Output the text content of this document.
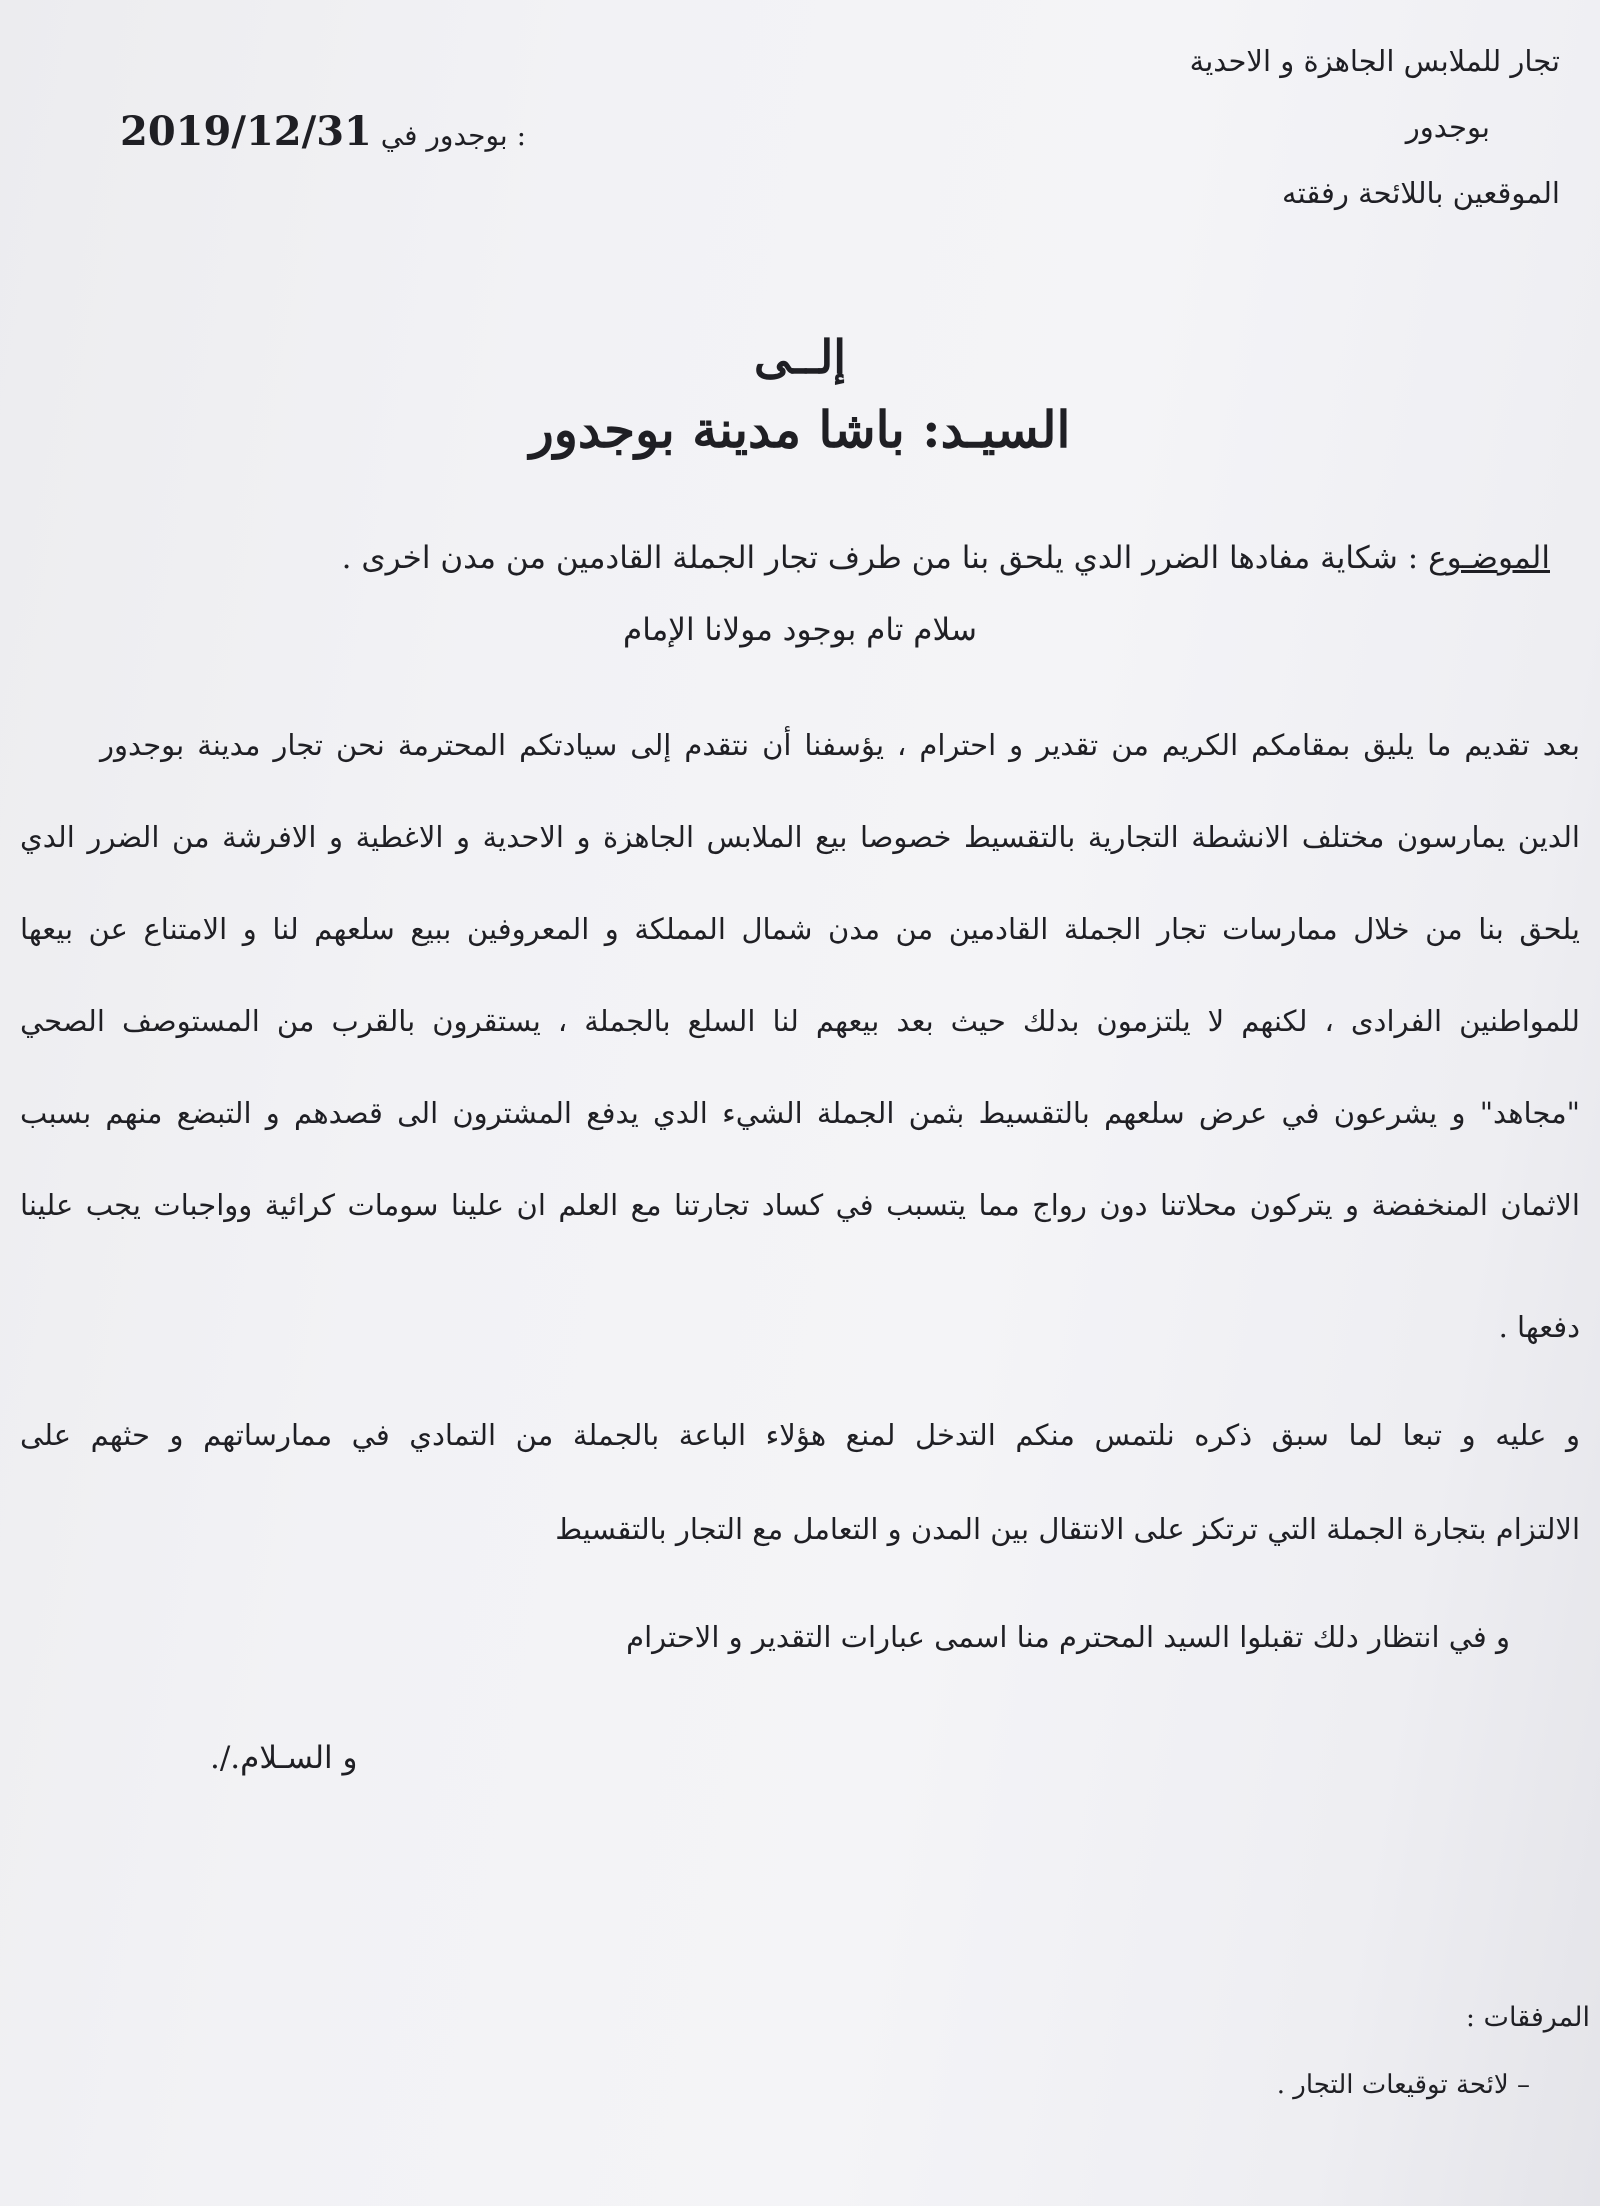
تجار للملابس الجاهزة و الاحدية
بوجدور
الموقعين باللائحة رفقته
2019/12/31 بوجدور في :
إلــى
السيـد: باشا مدينة بوجدور
الموضـوع : شكاية مفادها الضرر الدي يلحق بنا من طرف تجار الجملة القادمين من مدن اخرى .
سلام تام بوجود مولانا الإمام
بعد تقديم ما يليق بمقامكم الكريم من تقدير و احترام ، يؤسفنا أن نتقدم إلى سيادتكم المحترمة نحن تجار مدينة بوجدور
الدين يمارسون مختلف الانشطة التجارية بالتقسيط خصوصا بيع الملابس الجاهزة و الاحدية و الاغطية و الافرشة من الضرر الدي
يلحق بنا من خلال ممارسات تجار الجملة القادمين من مدن شمال المملكة و المعروفين ببيع سلعهم لنا و الامتناع عن بيعها
للمواطنين الفرادى ، لكنهم لا يلتزمون بدلك حيث بعد بيعهم لنا السلع بالجملة ، يستقرون بالقرب من المستوصف الصحي
"مجاهد" و يشرعون في عرض سلعهم بالتقسيط بثمن الجملة الشيء الدي يدفع المشترون الى قصدهم و التبضع منهم بسبب
الاثمان المنخفضة و يتركون محلاتنا دون رواج مما يتسبب في كساد تجارتنا مع العلم ان علينا سومات كرائية وواجبات يجب علينا
دفعها .
و عليه و تبعا لما سبق ذكره نلتمس منكم التدخل لمنع هؤلاء الباعة بالجملة من التمادي في ممارساتهم و حثهم على
الالتزام بتجارة الجملة التي ترتكز على الانتقال بين المدن و التعامل مع التجار بالتقسيط
و في انتظار دلك تقبلوا السيد المحترم منا اسمى عبارات التقدير و الاحترام
و السـلام./.
المرفقات :
– لائحة توقيعات التجار .
